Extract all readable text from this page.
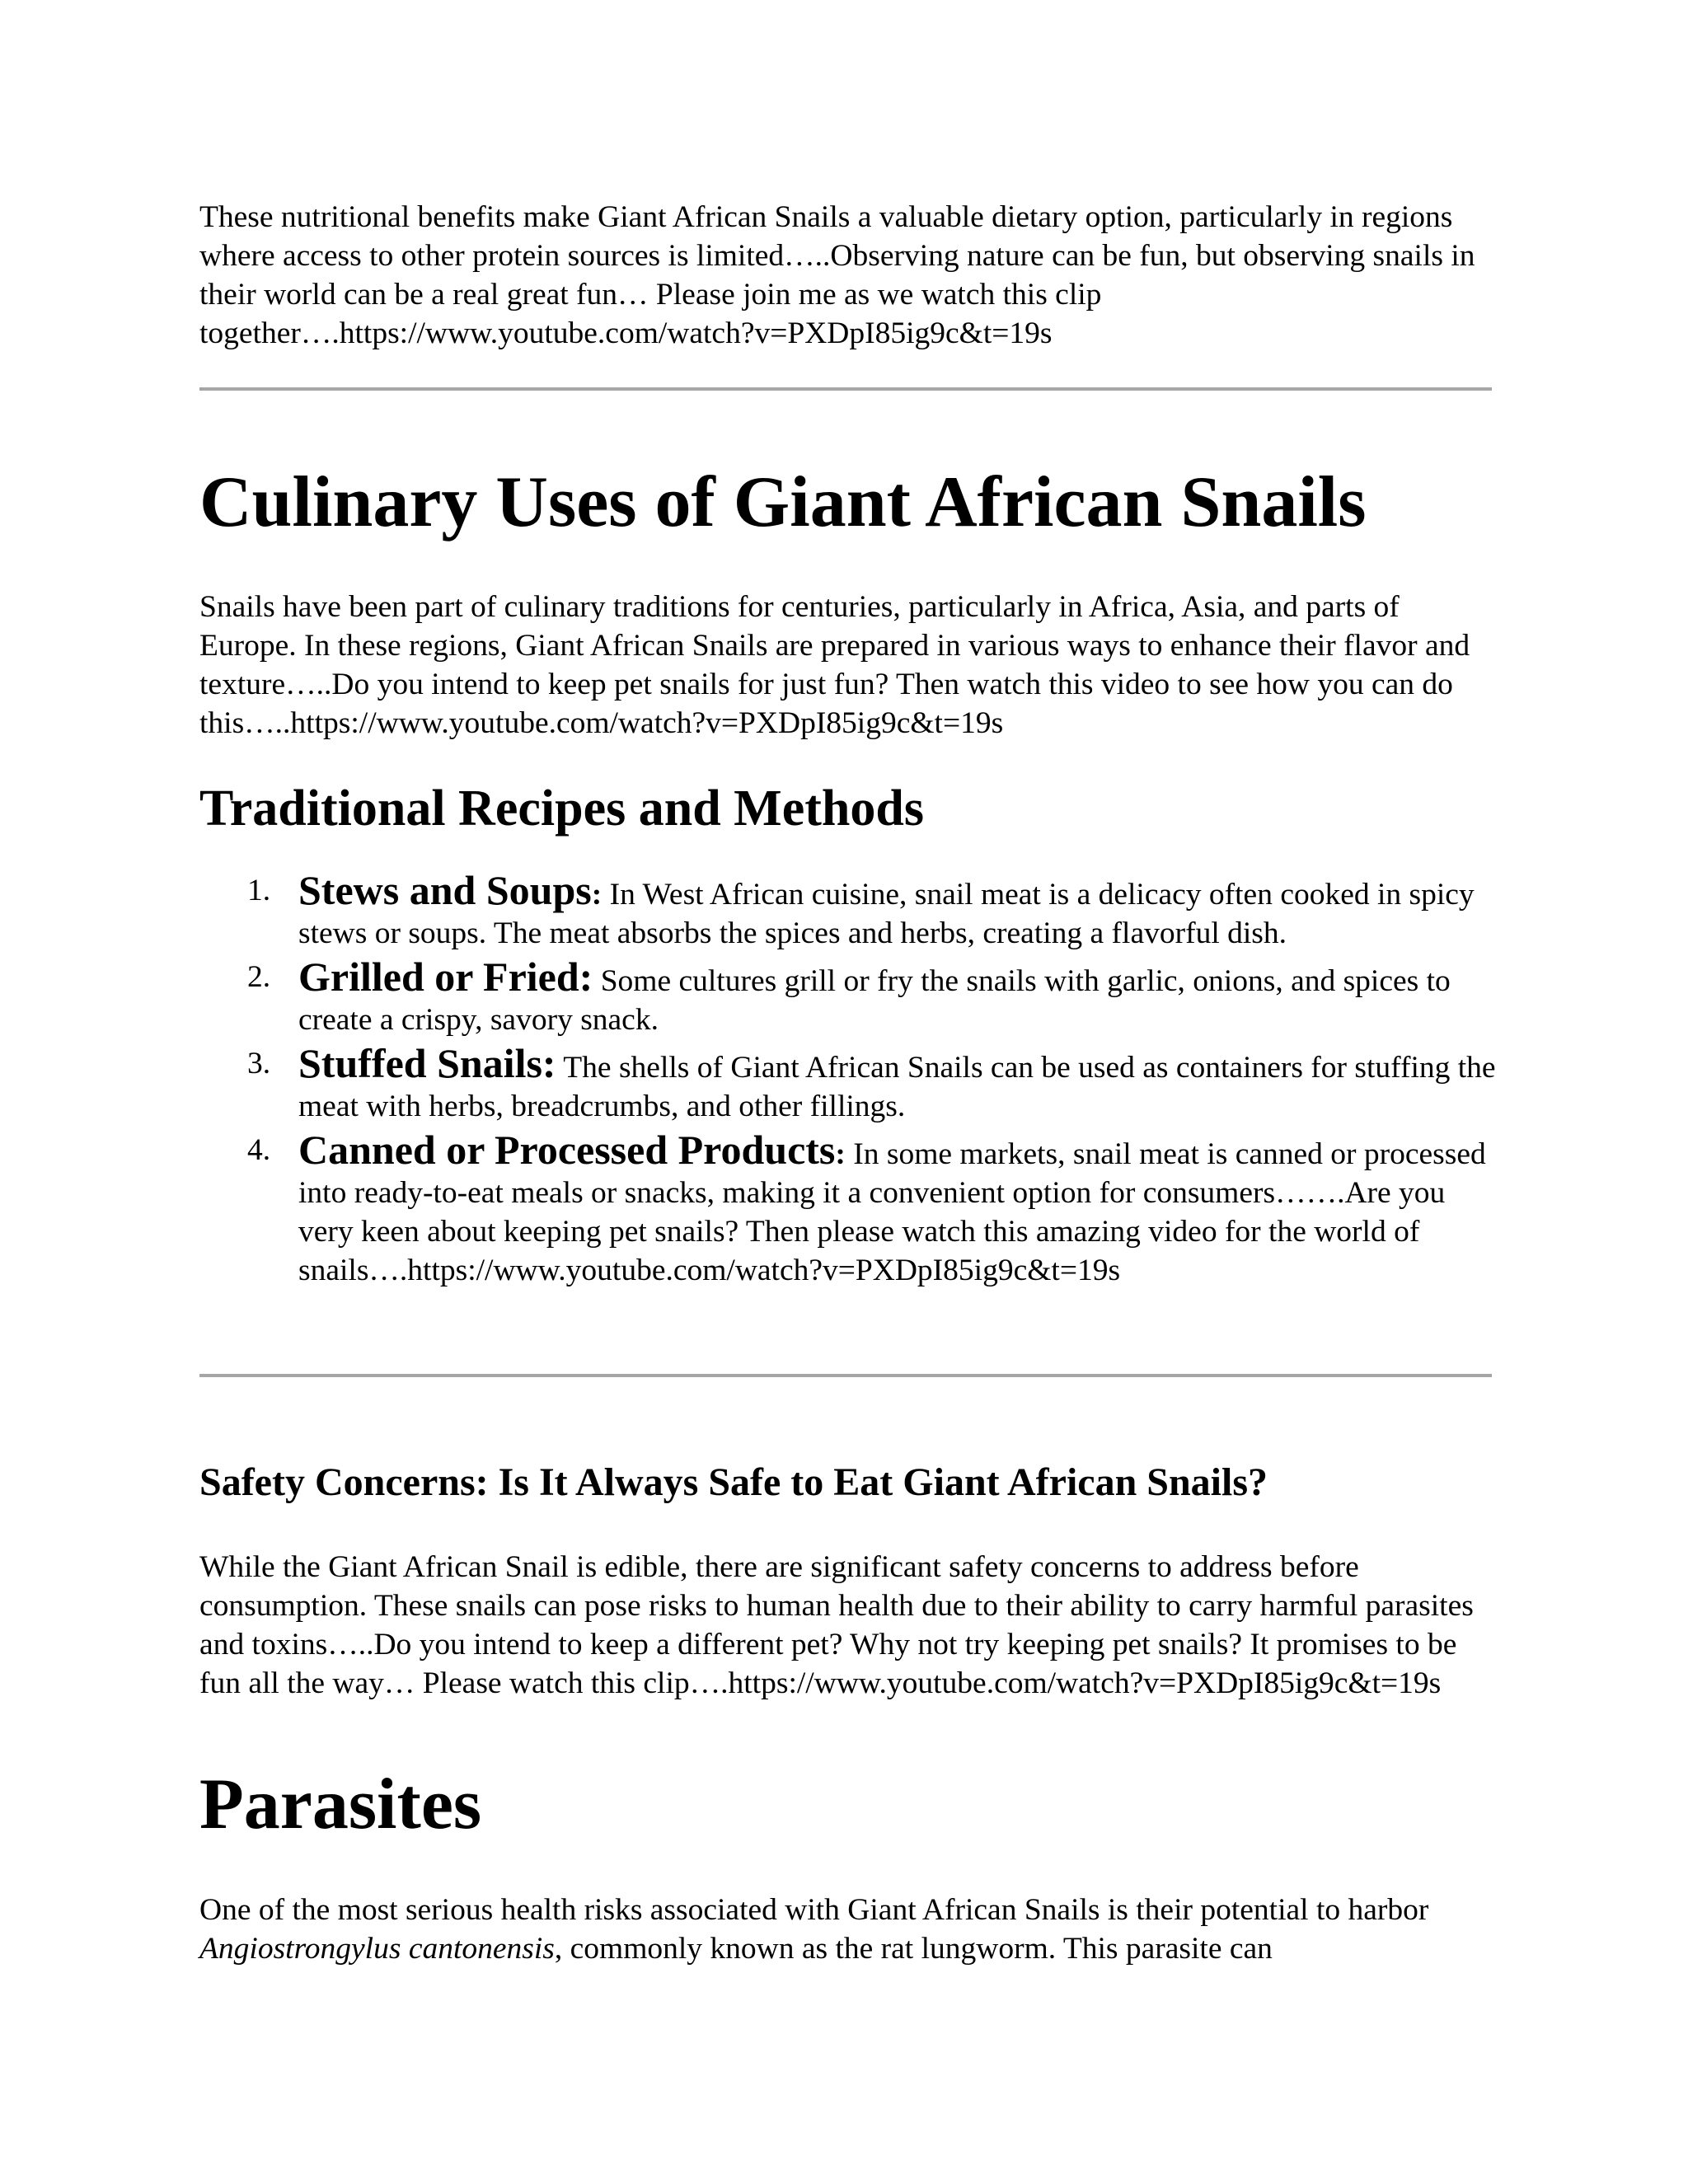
These nutritional benefits make Giant African Snails a valuable dietary option, particularly in regions where access to other protein sources is limited…..Observing nature can be fun, but observing snails in their world can be a real great fun… Please join me as we watch this clip together….https://www.youtube.com/watch?v=PXDpI85ig9c&t=19s

Culinary Uses of Giant African Snails

Snails have been part of culinary traditions for centuries, particularly in Africa, Asia, and parts of Europe. In these regions, Giant African Snails are prepared in various ways to enhance their flavor and texture…..Do you intend to keep pet snails for just fun? Then watch this video to see how you can do this…..https://www.youtube.com/watch?v=PXDpI85ig9c&t=19s

Traditional Recipes and Methods
1. Stews and Soups: In West African cuisine, snail meat is a delicacy often cooked in spicy stews or soups. The meat absorbs the spices and herbs, creating a flavorful dish.
2. Grilled or Fried: Some cultures grill or fry the snails with garlic, onions, and spices to create a crispy, savory snack.
3. Stuffed Snails: The shells of Giant African Snails can be used as containers for stuffing the meat with herbs, breadcrumbs, and other fillings.
4. Canned or Processed Products: In some markets, snail meat is canned or processed into ready-to-eat meals or snacks, making it a convenient option for consumers…….Are you very keen about keeping pet snails? Then please watch this amazing video for the world of snails….https://www.youtube.com/watch?v=PXDpI85ig9c&t=19s
Safety Concerns: Is It Always Safe to Eat Giant African Snails?

While the Giant African Snail is edible, there are significant safety concerns to address before consumption. These snails can pose risks to human health due to their ability to carry harmful parasites and toxins…..Do you intend to keep a different pet? Why not try keeping pet snails? It promises to be fun all the way… Please watch this clip….https://www.youtube.com/watch?v=PXDpI85ig9c&t=19s

Parasites

One of the most serious health risks associated with Giant African Snails is their potential to harbor Angiostrongylus cantonensis, commonly known as the rat lungworm. This parasite can
